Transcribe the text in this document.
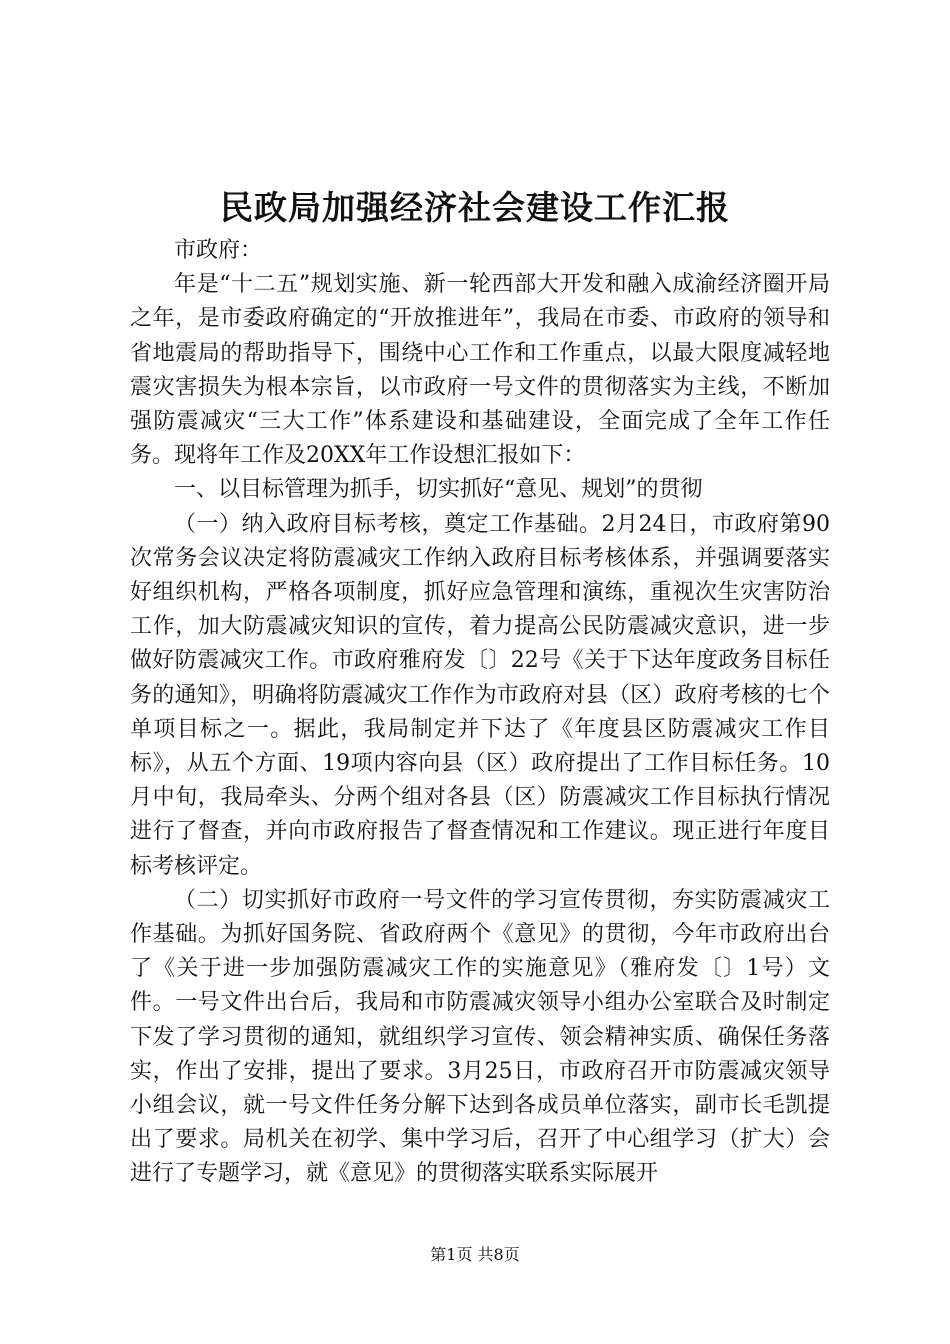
民政局加强经济社会建设工作汇报

市政府：

年是“十二五”规划实施、新一轮西部大开发和融入成渝经济圈开局之年，是市委政府确定的“开放推进年”，我局在市委、市政府的领导和省地震局的帮助指导下，围绕中心工作和工作重点，以最大限度减轻地震灾害损失为根本宗旨，以市政府一号文件的贯彻落实为主线，不断加强防震减灾“三大工作”体系建设和基础建设，全面完成了全年工作任务。现将年工作及20XX年工作设想汇报如下：

一、以目标管理为抓手，切实抓好“意见、规划”的贯彻

（一）纳入政府目标考核，奠定工作基础。2月24日，市政府第90次常务会议决定将防震减灾工作纳入政府目标考核体系，并强调要落实好组织机构，严格各项制度，抓好应急管理和演练，重视次生灾害防治工作，加大防震减灾知识的宣传，着力提高公民防震减灾意识，进一步做好防震减灾工作。市政府雅府发〔〕22号《关于下达年度政务目标任务的通知》，明确将防震减灾工作作为市政府对县（区）政府考核的七个单项目标之一。据此，我局制定并下达了《年度县区防震减灾工作目标》，从五个方面、19项内容向县（区）政府提出了工作目标任务。10月中旬，我局牵头、分两个组对各县（区）防震减灾工作目标执行情况进行了督查，并向市政府报告了督查情况和工作建议。现正进行年度目标考核评定。

（二）切实抓好市政府一号文件的学习宣传贯彻，夯实防震减灾工作基础。为抓好国务院、省政府两个《意见》的贯彻，今年市政府出台了《关于进一步加强防震减灾工作的实施意见》（雅府发〔〕1号）文件。一号文件出台后，我局和市防震减灾领导小组办公室联合及时制定下发了学习贯彻的通知，就组织学习宣传、领会精神实质、确保任务落实，作出了安排，提出了要求。3月25日，市政府召开市防震减灾领导小组会议，就一号文件任务分解下达到各成员单位落实，副市长毛凯提出了要求。局机关在初学、集中学习后，召开了中心组学习（扩大）会进行了专题学习，就《意见》的贯彻落实联系实际展开

第1页 共8页
